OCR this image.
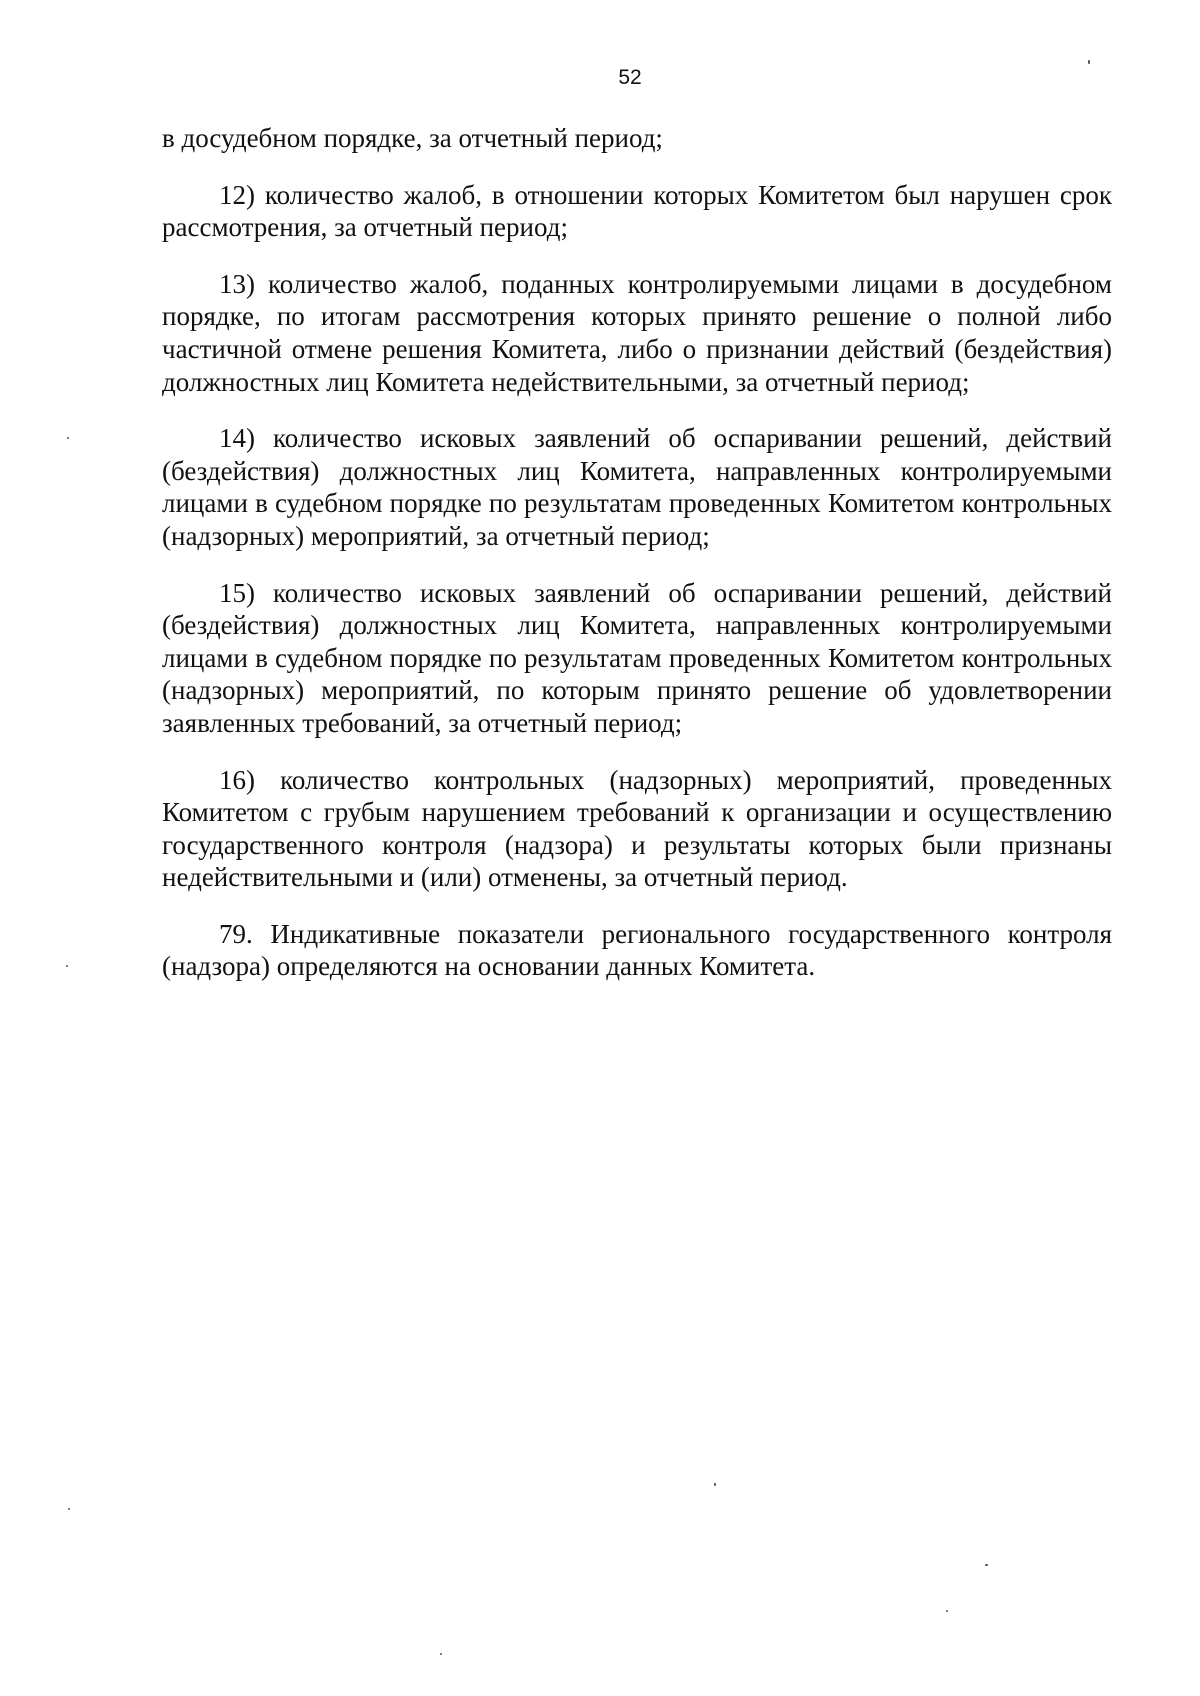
52

в досудебном порядке, за отчетный период;

12) количество жалоб, в отношении которых Комитетом был нарушен срок рассмотрения, за отчетный период;

13) количество жалоб, поданных контролируемыми лицами в досудебном порядке, по итогам рассмотрения которых принято решение о полной либо частичной отмене решения Комитета, либо о признании действий (бездействия) должностных лиц Комитета недействительными, за отчетный период;

14) количество исковых заявлений об оспаривании решений, действий (бездействия) должностных лиц Комитета, направленных контролируемыми лицами в судебном порядке по результатам проведенных Комитетом контрольных (надзорных) мероприятий, за отчетный период;

15) количество исковых заявлений об оспаривании решений, действий (бездействия) должностных лиц Комитета, направленных контролируемыми лицами в судебном порядке по результатам проведенных Комитетом контрольных (надзорных) мероприятий, по которым принято решение об удовлетворении заявленных требований, за отчетный период;

16) количество контрольных (надзорных) мероприятий, проведенных Комитетом с грубым нарушением требований к организации и осуществлению государственного контроля (надзора) и результаты которых были признаны недействительными и (или) отменены, за отчетный период.

79. Индикативные показатели регионального государственного контроля (надзора) определяются на основании данных Комитета.
